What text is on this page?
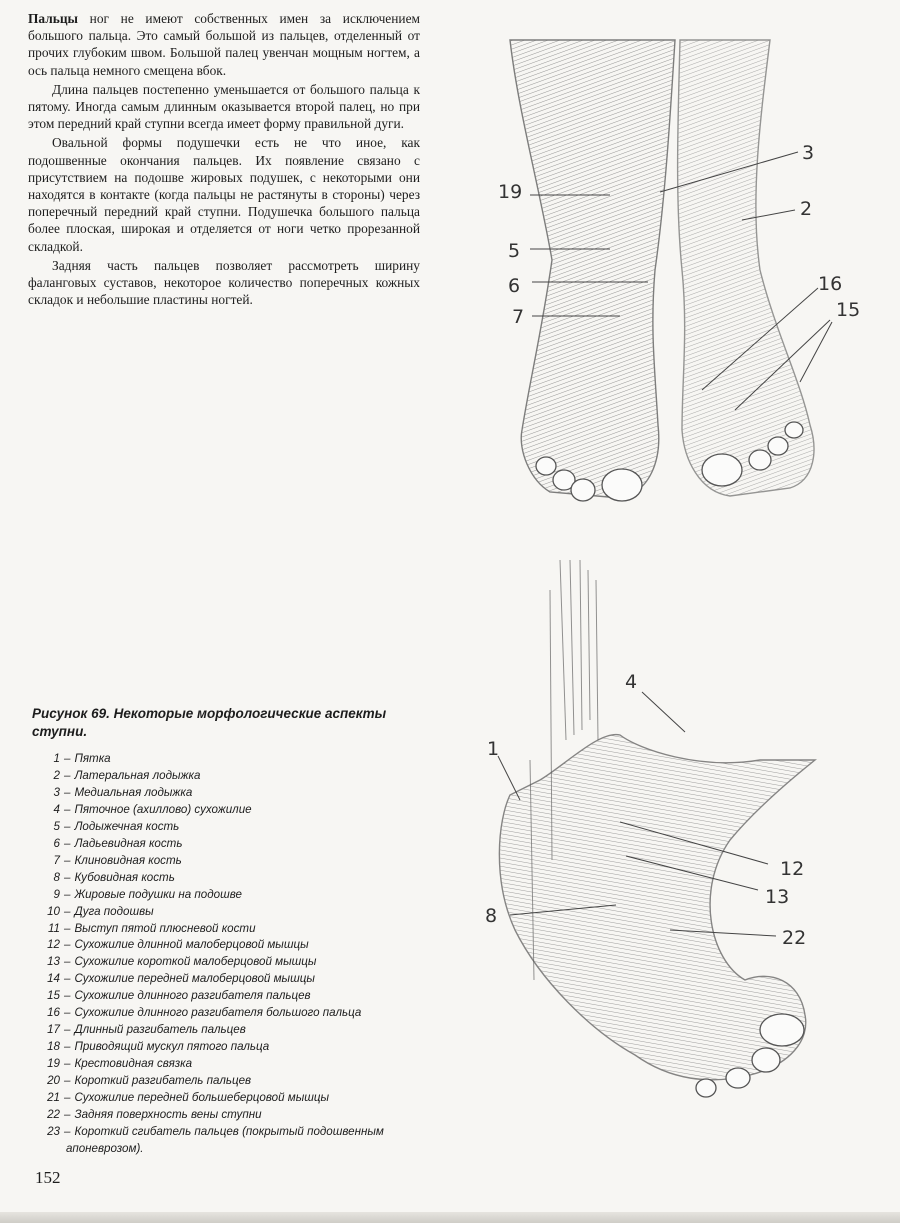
Пальцы ног не имеют собственных имен за исключением большого пальца. Это самый большой из пальцев, отделенный от прочих глубоким швом. Большой палец увенчан мощным ногтем, а ось пальца немного смещена вбок.

Длина пальцев постепенно уменьшается от большого пальца к пятому. Иногда самым длинным оказывается второй палец, но при этом передний край ступни всегда имеет форму правильной дуги.

Овальной формы подушечки есть не что иное, как подошвенные окончания пальцев. Их появление связано с присутствием на подошве жировых подушек, с некоторыми они находятся в контакте (когда пальцы не растянуты в стороны) через поперечный передний край ступни. Подушечка большого пальца более плоская, широкая и отделяется от ноги четко прорезанной складкой.

Задняя часть пальцев позволяет рассмотреть ширину фаланговых суставов, некоторое количество поперечных кожных складок и небольшие пластины ногтей.

19
5
6
7
3
2
16
15
Рисунок 69. Некоторые морфологические аспекты ступни.
1 – Пятка
2 – Латеральная лодыжка
3 – Медиальная лодыжка
4 – Пяточное (ахиллово) сухожилие
5 – Лодыжечная кость
6 – Ладьевидная кость
7 – Клиновидная кость
8 – Кубовидная кость
9 – Жировые подушки на подошве
10 – Дуга подошвы
11 – Выступ пятой плюсневой кости
12 – Сухожилие длинной малоберцовой мышцы
13 – Сухожилие короткой малоберцовой мышцы
14 – Сухожилие передней малоберцовой мышцы
15 – Сухожилие длинного разгибателя пальцев
16 – Сухожилие длинного разгибателя большого пальца
17 – Длинный разгибатель пальцев
18 – Приводящий мускул пятого пальца
19 – Крестовидная связка
20 – Короткий разгибатель пальцев
21 – Сухожилие передней большеберцовой мышцы
22 – Задняя поверхность вены ступни
23 – Короткий сгибатель пальцев (покрытый подошвенным апоневрозом).
4
1
12
13
8
22
152
